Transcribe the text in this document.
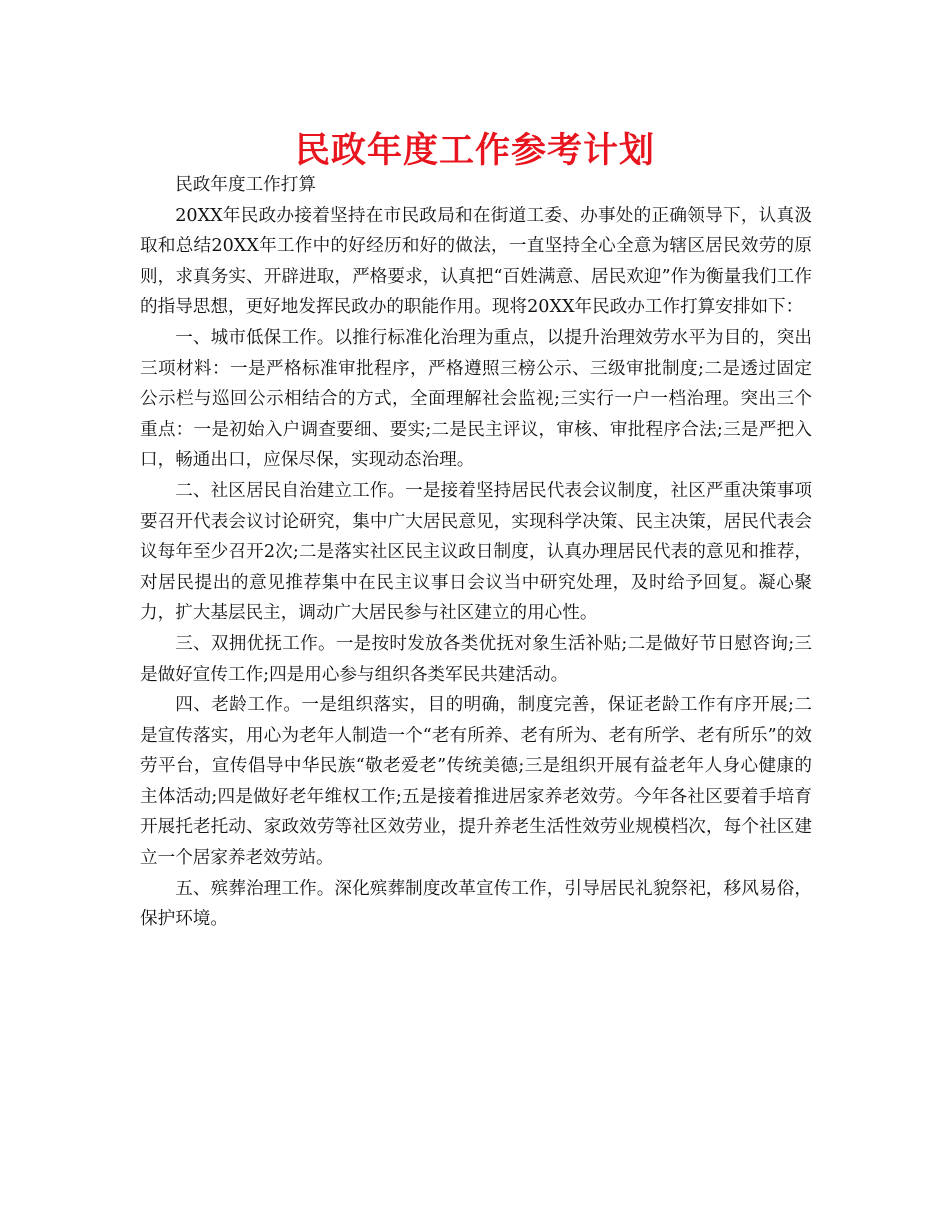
民政年度工作参考计划

民政年度工作打算

20XX年民政办接着坚持在市民政局和在街道工委、办事处的正确领导下，认真汲取和总结20XX年工作中的好经历和好的做法，一直坚持全心全意为辖区居民效劳的原则，求真务实、开辟进取，严格要求，认真把“百姓满意、居民欢迎”作为衡量我们工作的指导思想，更好地发挥民政办的职能作用。现将20XX年民政办工作打算安排如下：

一、城市低保工作。以推行标准化治理为重点，以提升治理效劳水平为目的，突出三项材料：一是严格标准审批程序，严格遵照三榜公示、三级审批制度;二是透过固定公示栏与巡回公示相结合的方式，全面理解社会监视;三实行一户一档治理。突出三个重点：一是初始入户调查要细、要实;二是民主评议，审核、审批程序合法;三是严把入口，畅通出口，应保尽保，实现动态治理。

二、社区居民自治建立工作。一是接着坚持居民代表会议制度，社区严重决策事项要召开代表会议讨论研究，集中广大居民意见，实现科学决策、民主决策，居民代表会议每年至少召开2次;二是落实社区民主议政日制度，认真办理居民代表的意见和推荐，对居民提出的意见推荐集中在民主议事日会议当中研究处理，及时给予回复。凝心聚力，扩大基层民主，调动广大居民参与社区建立的用心性。

三、双拥优抚工作。一是按时发放各类优抚对象生活补贴;二是做好节日慰咨询;三是做好宣传工作;四是用心参与组织各类军民共建活动。

四、老龄工作。一是组织落实，目的明确，制度完善，保证老龄工作有序开展;二是宣传落实，用心为老年人制造一个“老有所养、老有所为、老有所学、老有所乐”的效劳平台，宣传倡导中华民族“敬老爱老”传统美德;三是组织开展有益老年人身心健康的主体活动;四是做好老年维权工作;五是接着推进居家养老效劳。今年各社区要着手培育开展托老托动、家政效劳等社区效劳业，提升养老生活性效劳业规模档次，每个社区建立一个居家养老效劳站。

五、殡葬治理工作。深化殡葬制度改革宣传工作，引导居民礼貌祭祀，移风易俗，保护环境。
